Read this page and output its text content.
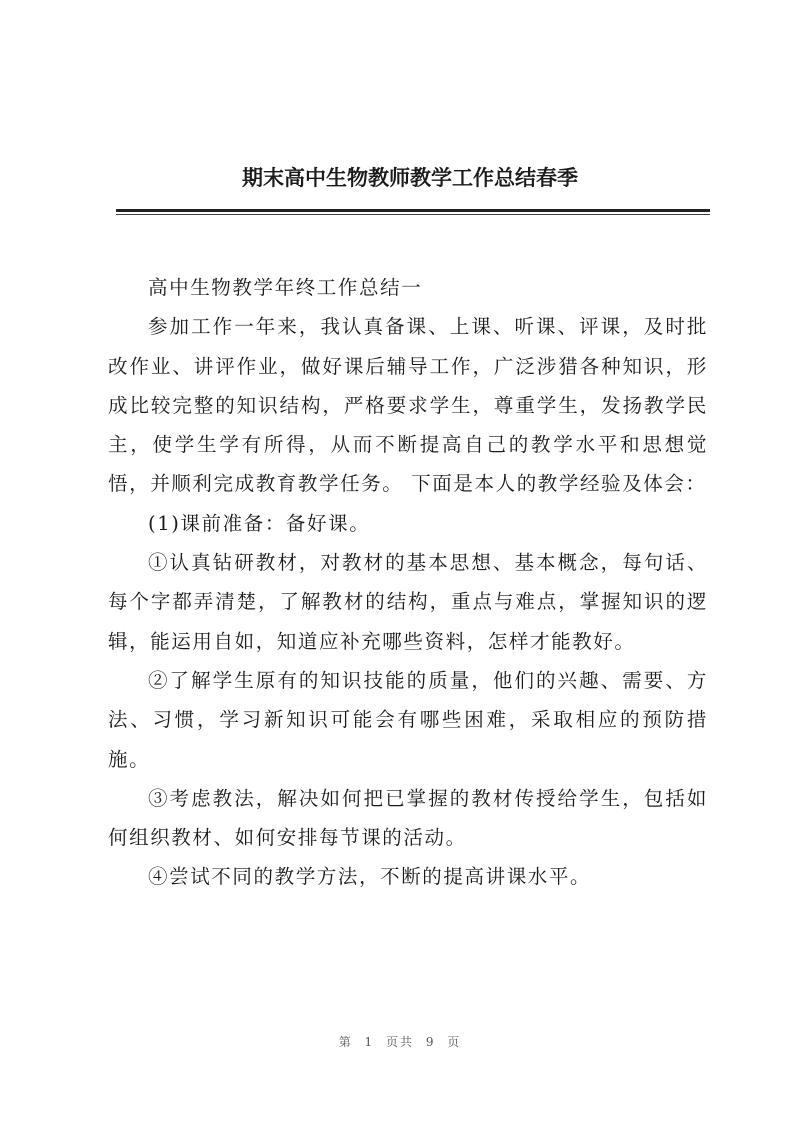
期末高中生物教师教学工作总结春季

高中生物教学年终工作总结一

参加工作一年来，我认真备课、上课、听课、评课，及时批改作业、讲评作业，做好课后辅导工作，广泛涉猎各种知识，形成比较完整的知识结构，严格要求学生，尊重学生，发扬教学民主，使学生学有所得，从而不断提高自己的教学水平和思想觉悟，并顺利完成教育教学任务。 下面是本人的教学经验及体会：

(1)课前准备：备好课。

①认真钻研教材，对教材的基本思想、基本概念，每句话、每个字都弄清楚，了解教材的结构，重点与难点，掌握知识的逻辑，能运用自如，知道应补充哪些资料，怎样才能教好。

②了解学生原有的知识技能的质量，他们的兴趣、需要、方法、习惯，学习新知识可能会有哪些困难，采取相应的预防措施。

③考虑教法，解决如何把已掌握的教材传授给学生，包括如何组织教材、如何安排每节课的活动。

④尝试不同的教学方法，不断的提高讲课水平。

第 1 页共 9 页
